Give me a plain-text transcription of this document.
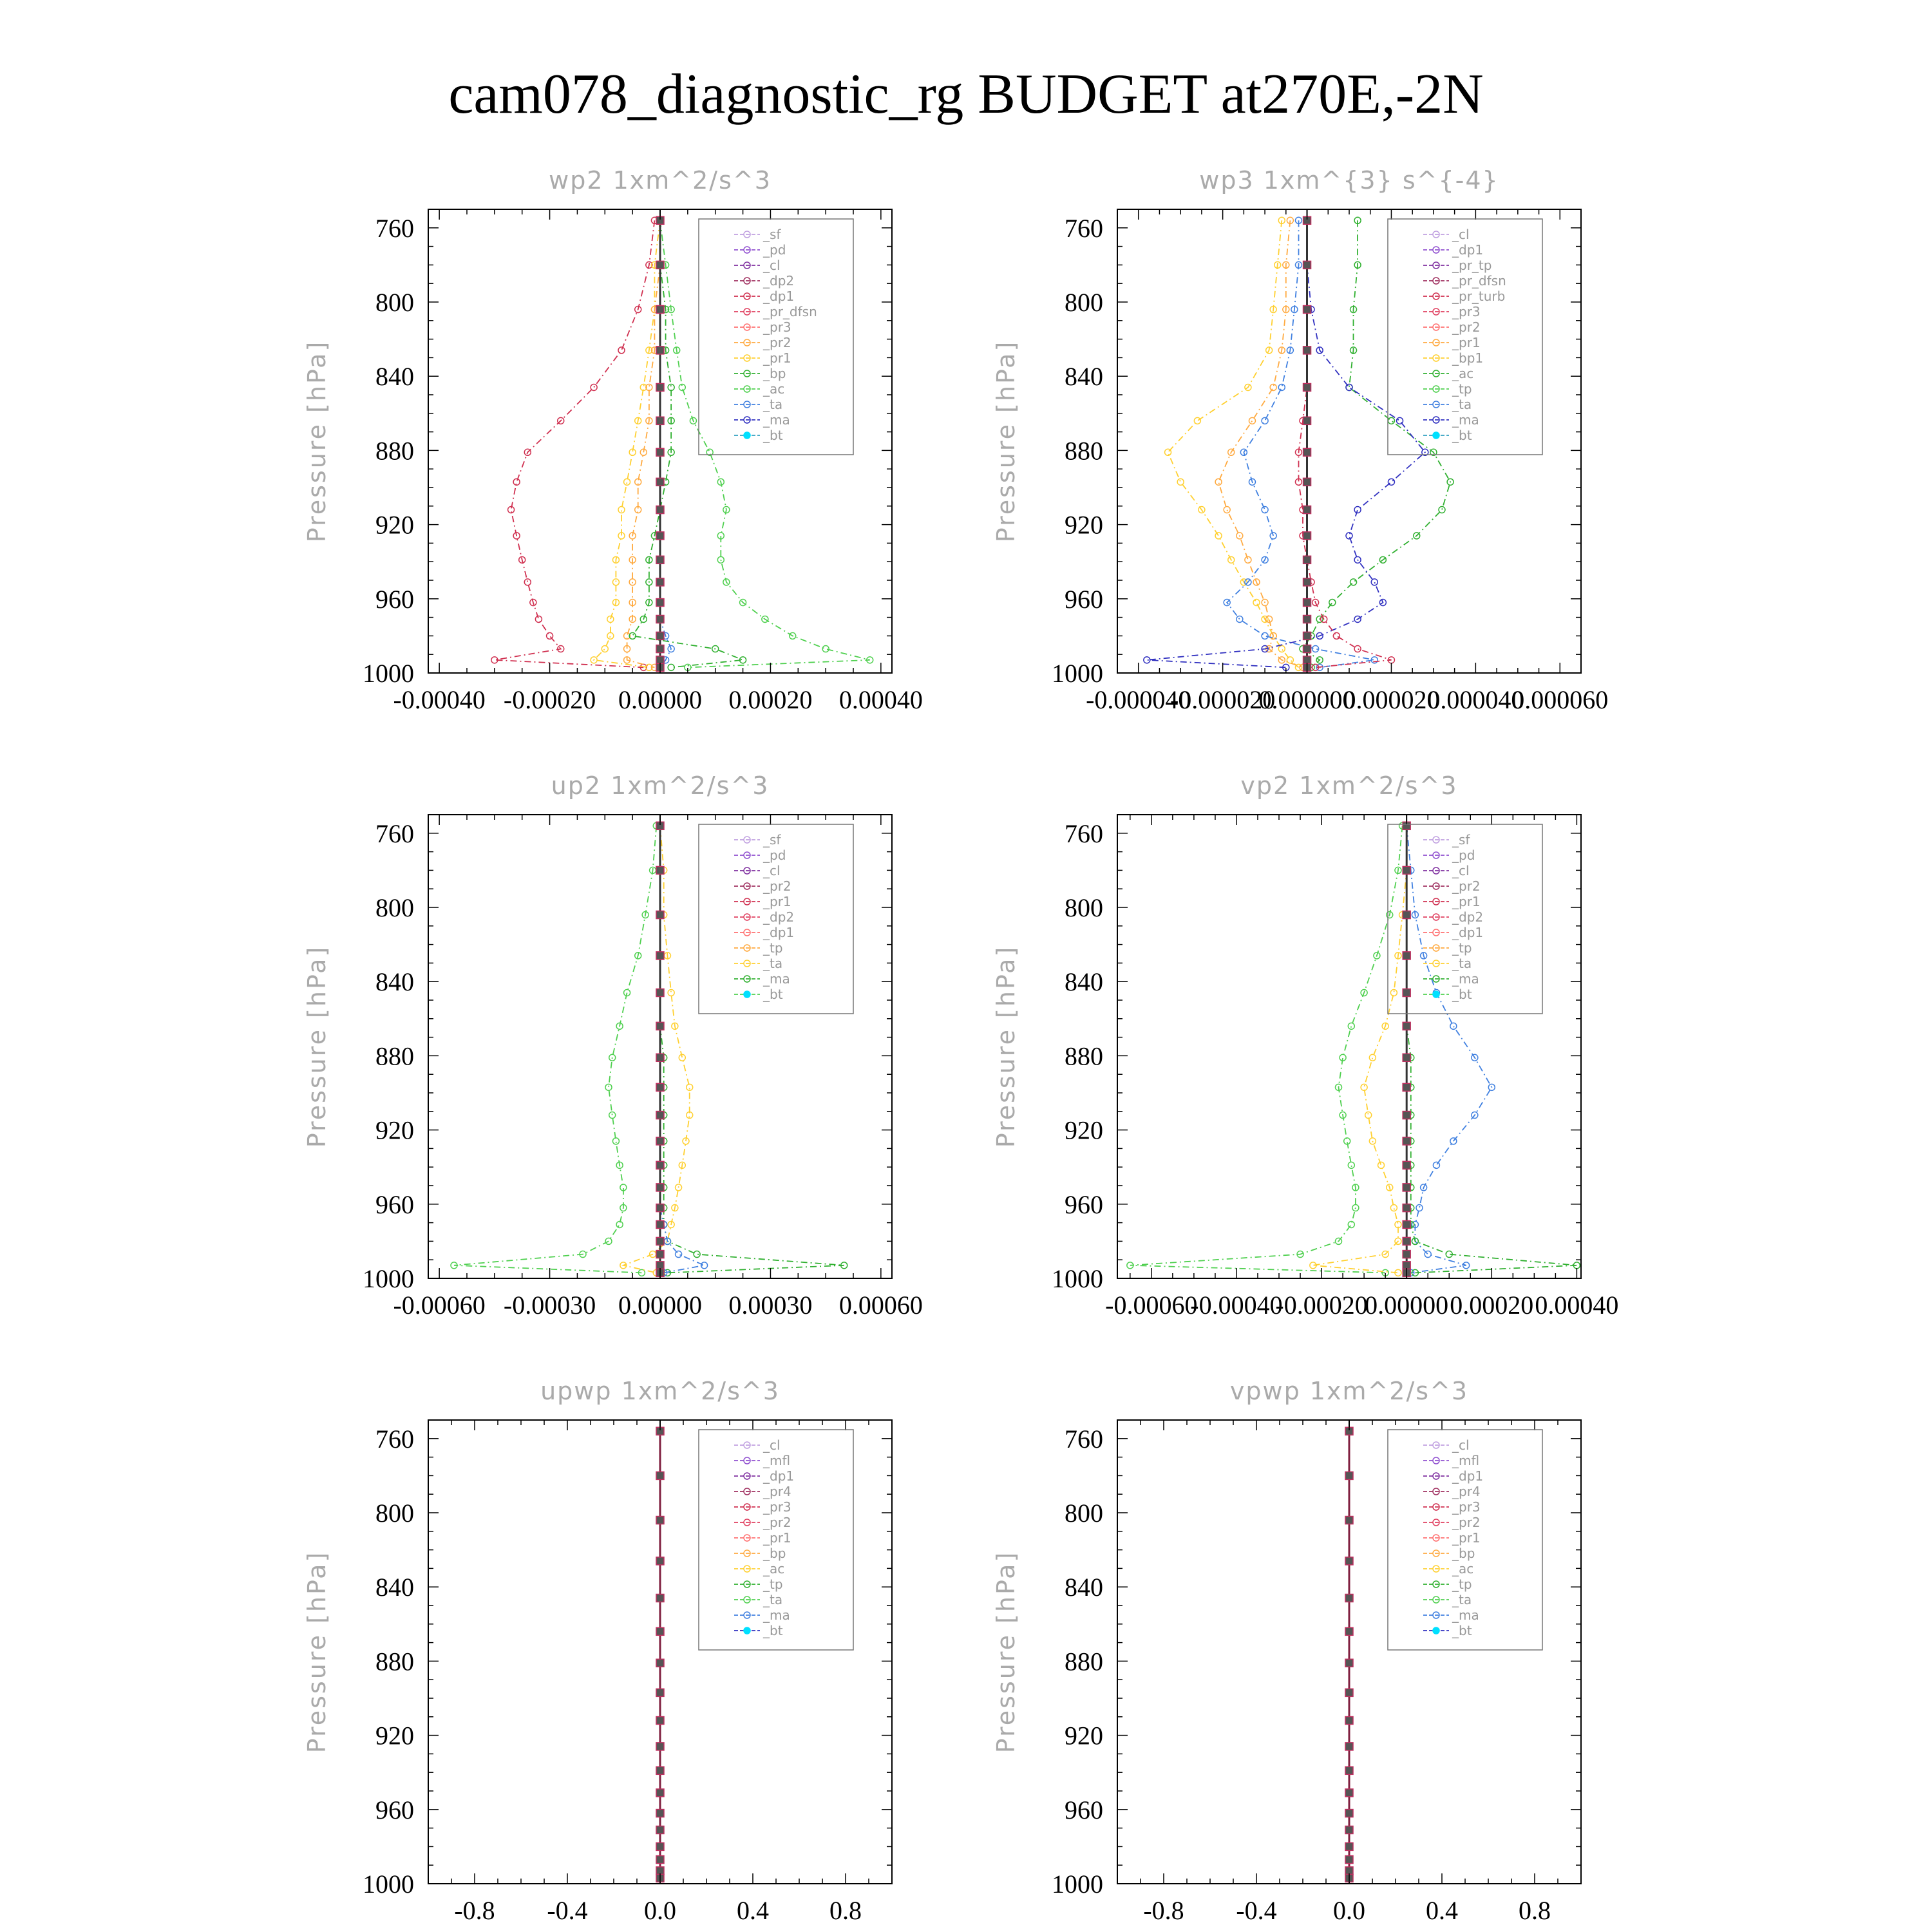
cam078_diagnostic_rg BUDGET at270E,-2N
wp2 1xm^2/s^3
Pressure [hPa]
760
800
840
880
920
960
1000
-0.00040 -0.00020 0.00000 0.00020 0.00040
_sf
_pd
_cl
_dp2
_dp1
_pr_dfsn
_pr3
_pr2
_pr1
_bp
_ac
_ta
_ma
_bt
wp3 1xm^{3} s^{-4}
Pressure [hPa]
760
800
840
880
920
960
1000
-0.000040
-0.000020
0.000000
0.000020
0.000040
0.000060
_cl
_dp1
_pr_tp
_pr_dfsn
_pr_turb
_pr3
_pr2
_pr1
_bp1
_ac
_tp
_ta
_ma
_bt
up2 1xm^2/s^3
Pressure [hPa]
760
800
840
880
920
960
1000
-0.00060 -0.00030 0.00000 0.00030 0.00060
_sf
_pd
_cl
_pr2
_pr1
_dp2
_dp1
_tp
_ta
_ma
_bt
vp2 1xm^2/s^3
Pressure [hPa]
760
800
840
880
920
960
1000
-0.00060
-0.00040
-0.00020
0.00000 0.00020 0.00040
_sf
_pd
_cl
_pr2
_pr1
_dp2
_dp1
_tp
_ta
_ma
_bt
upwp 1xm^2/s^3
Pressure [hPa]
760
800
840
880
920
960
1000
-0.8 -0.4 0.0 0.4 0.8
_cl
_mfl
_dp1
_pr4
_pr3
_pr2
_pr1
_bp
_ac
_tp
_ta
_ma
_bt
vpwp 1xm^2/s^3
Pressure [hPa]
760
800
840
880
920
960
1000
-0.8 -0.4 0.0 0.4 0.8
_cl
_mfl
_dp1
_pr4
_pr3
_pr2
_pr1
_bp
_ac
_tp
_ta
_ma
_bt
